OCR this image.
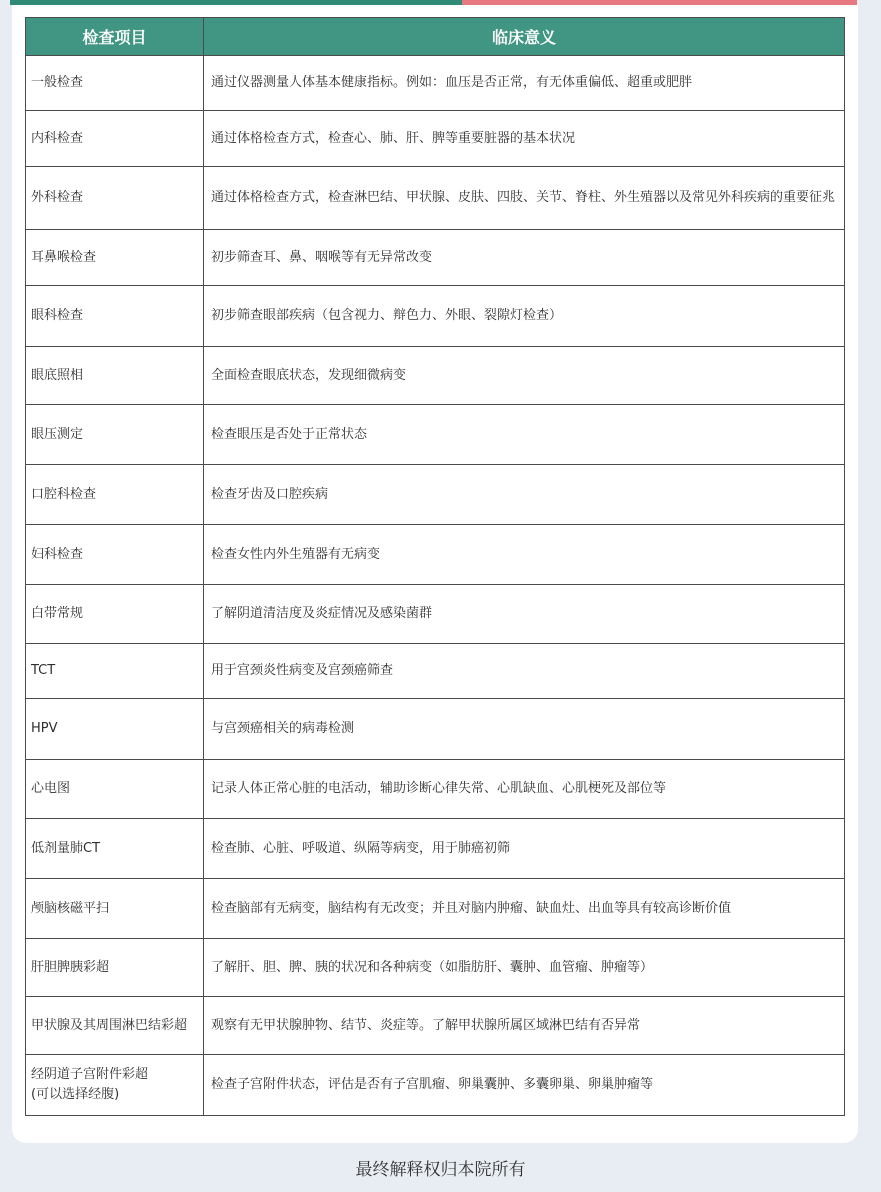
检查项目	临床意义
一般检查	通过仪器测量人体基本健康指标。例如：血压是否正常，有无体重偏低、超重或肥胖
内科检查	通过体格检查方式，检查心、肺、肝、脾等重要脏器的基本状况
外科检查	通过体格检查方式，检查淋巴结、甲状腺、皮肤、四肢、关节、脊柱、外生殖器以及常见外科疾病的重要征兆
耳鼻喉检查	初步筛查耳、鼻、咽喉等有无异常改变
眼科检查	初步筛查眼部疾病（包含视力、辩色力、外眼、裂隙灯检查）
眼底照相	全面检查眼底状态，发现细微病变
眼压测定	检查眼压是否处于正常状态
口腔科检查	检查牙齿及口腔疾病
妇科检查	检查女性内外生殖器有无病变
白带常规	了解阴道清洁度及炎症情况及感染菌群
TCT	用于宫颈炎性病变及宫颈癌筛查
HPV	与宫颈癌相关的病毒检测
心电图	记录人体正常心脏的电活动，辅助诊断心律失常、心肌缺血、心肌梗死及部位等
低剂量肺CT	检查肺、心脏、呼吸道、纵隔等病变，用于肺癌初筛
颅脑核磁平扫	检查脑部有无病变，脑结构有无改变；并且对脑内肿瘤、缺血灶、出血等具有较高诊断价值
肝胆脾胰彩超	了解肝、胆、脾、胰的状况和各种病变（如脂肪肝、囊肿、血管瘤、肿瘤等）
甲状腺及其周围淋巴结彩超	观察有无甲状腺肿物、结节、炎症等。了解甲状腺所属区域淋巴结有否异常
经阴道子宫附件彩超
(可以选择经腹)	检查子宫附件状态，评估是否有子宫肌瘤、卵巢囊肿、多囊卵巢、卵巢肿瘤等
最终解释权归本院所有
